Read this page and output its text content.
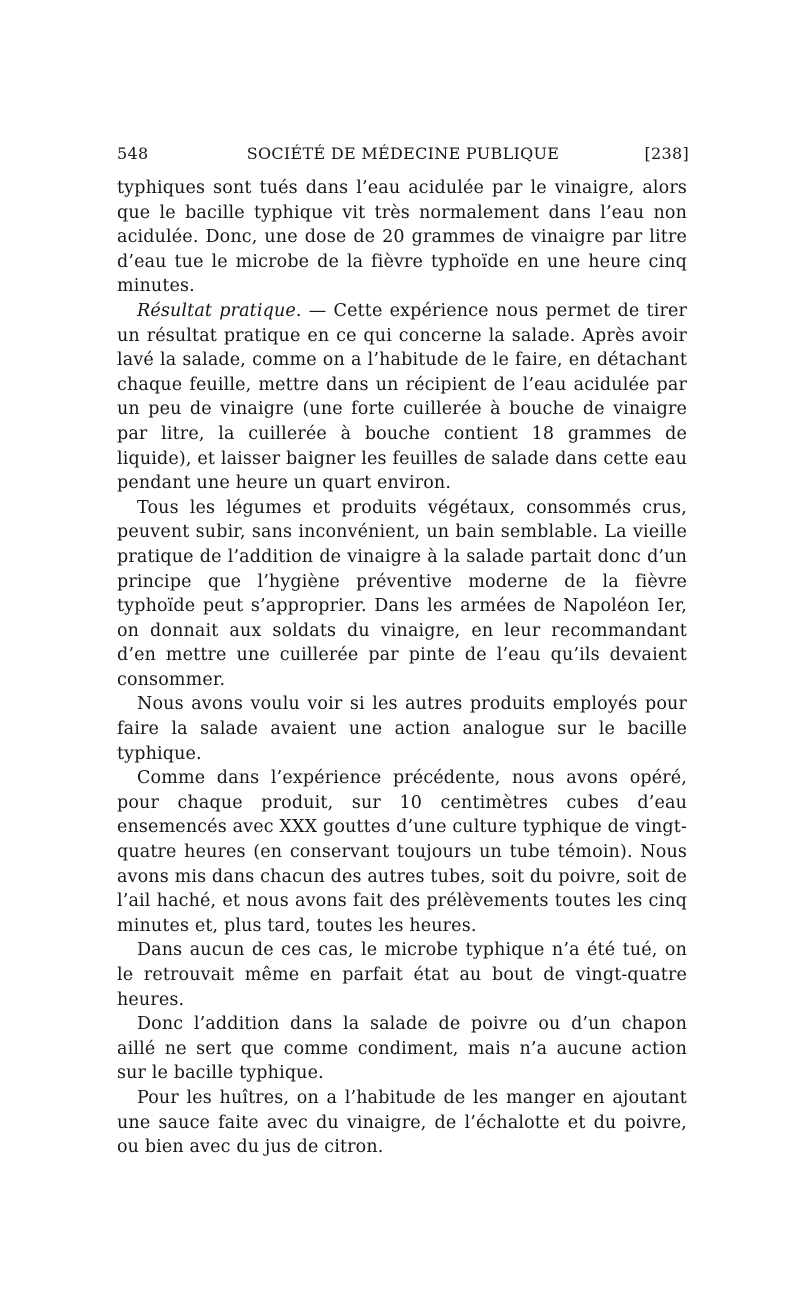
548	SOCIÉTÉ DE MÉDECINE PUBLIQUE	[238]

typhiques sont tués dans l’eau acidulée par le vinaigre, alors que le bacille typhique vit très normalement dans l’eau non acidulée. Donc, une dose de 20 grammes de vinaigre par litre d’eau tue le microbe de la fièvre typhoïde en une heure cinq minutes.

Résultat pratique. — Cette expérience nous permet de tirer un résultat pratique en ce qui concerne la salade. Après avoir lavé la salade, comme on a l’habitude de le faire, en détachant chaque feuille, mettre dans un récipient de l’eau acidulée par un peu de vinaigre (une forte cuillerée à bouche de vinaigre par litre, la cuillerée à bouche contient 18 grammes de liquide), et laisser baigner les feuilles de salade dans cette eau pendant une heure un quart environ.

Tous les légumes et produits végétaux, consommés crus, peuvent subir, sans inconvénient, un bain semblable. La vieille pratique de l’addition de vinaigre à la salade partait donc d’un principe que l’hygiène préventive moderne de la fièvre typhoïde peut s’approprier. Dans les armées de Napoléon Ier, on donnait aux soldats du vinaigre, en leur recommandant d’en mettre une cuillerée par pinte de l’eau qu’ils devaient consommer.

Nous avons voulu voir si les autres produits employés pour faire la salade avaient une action analogue sur le bacille typhique.

Comme dans l’expérience précédente, nous avons opéré, pour chaque produit, sur 10 centimètres cubes d’eau ensemencés avec XXX gouttes d’une culture typhique de vingt-quatre heures (en conservant toujours un tube témoin). Nous avons mis dans chacun des autres tubes, soit du poivre, soit de l’ail haché, et nous avons fait des prélèvements toutes les cinq minutes et, plus tard, toutes les heures.

Dans aucun de ces cas, le microbe typhique n’a été tué, on le retrouvait même en parfait état au bout de vingt-quatre heures.

Donc l’addition dans la salade de poivre ou d’un chapon aillé ne sert que comme condiment, mais n’a aucune action sur le bacille typhique.

Pour les huîtres, on a l’habitude de les manger en ajoutant une sauce faite avec du vinaigre, de l’échalotte et du poivre, ou bien avec du jus de citron.
